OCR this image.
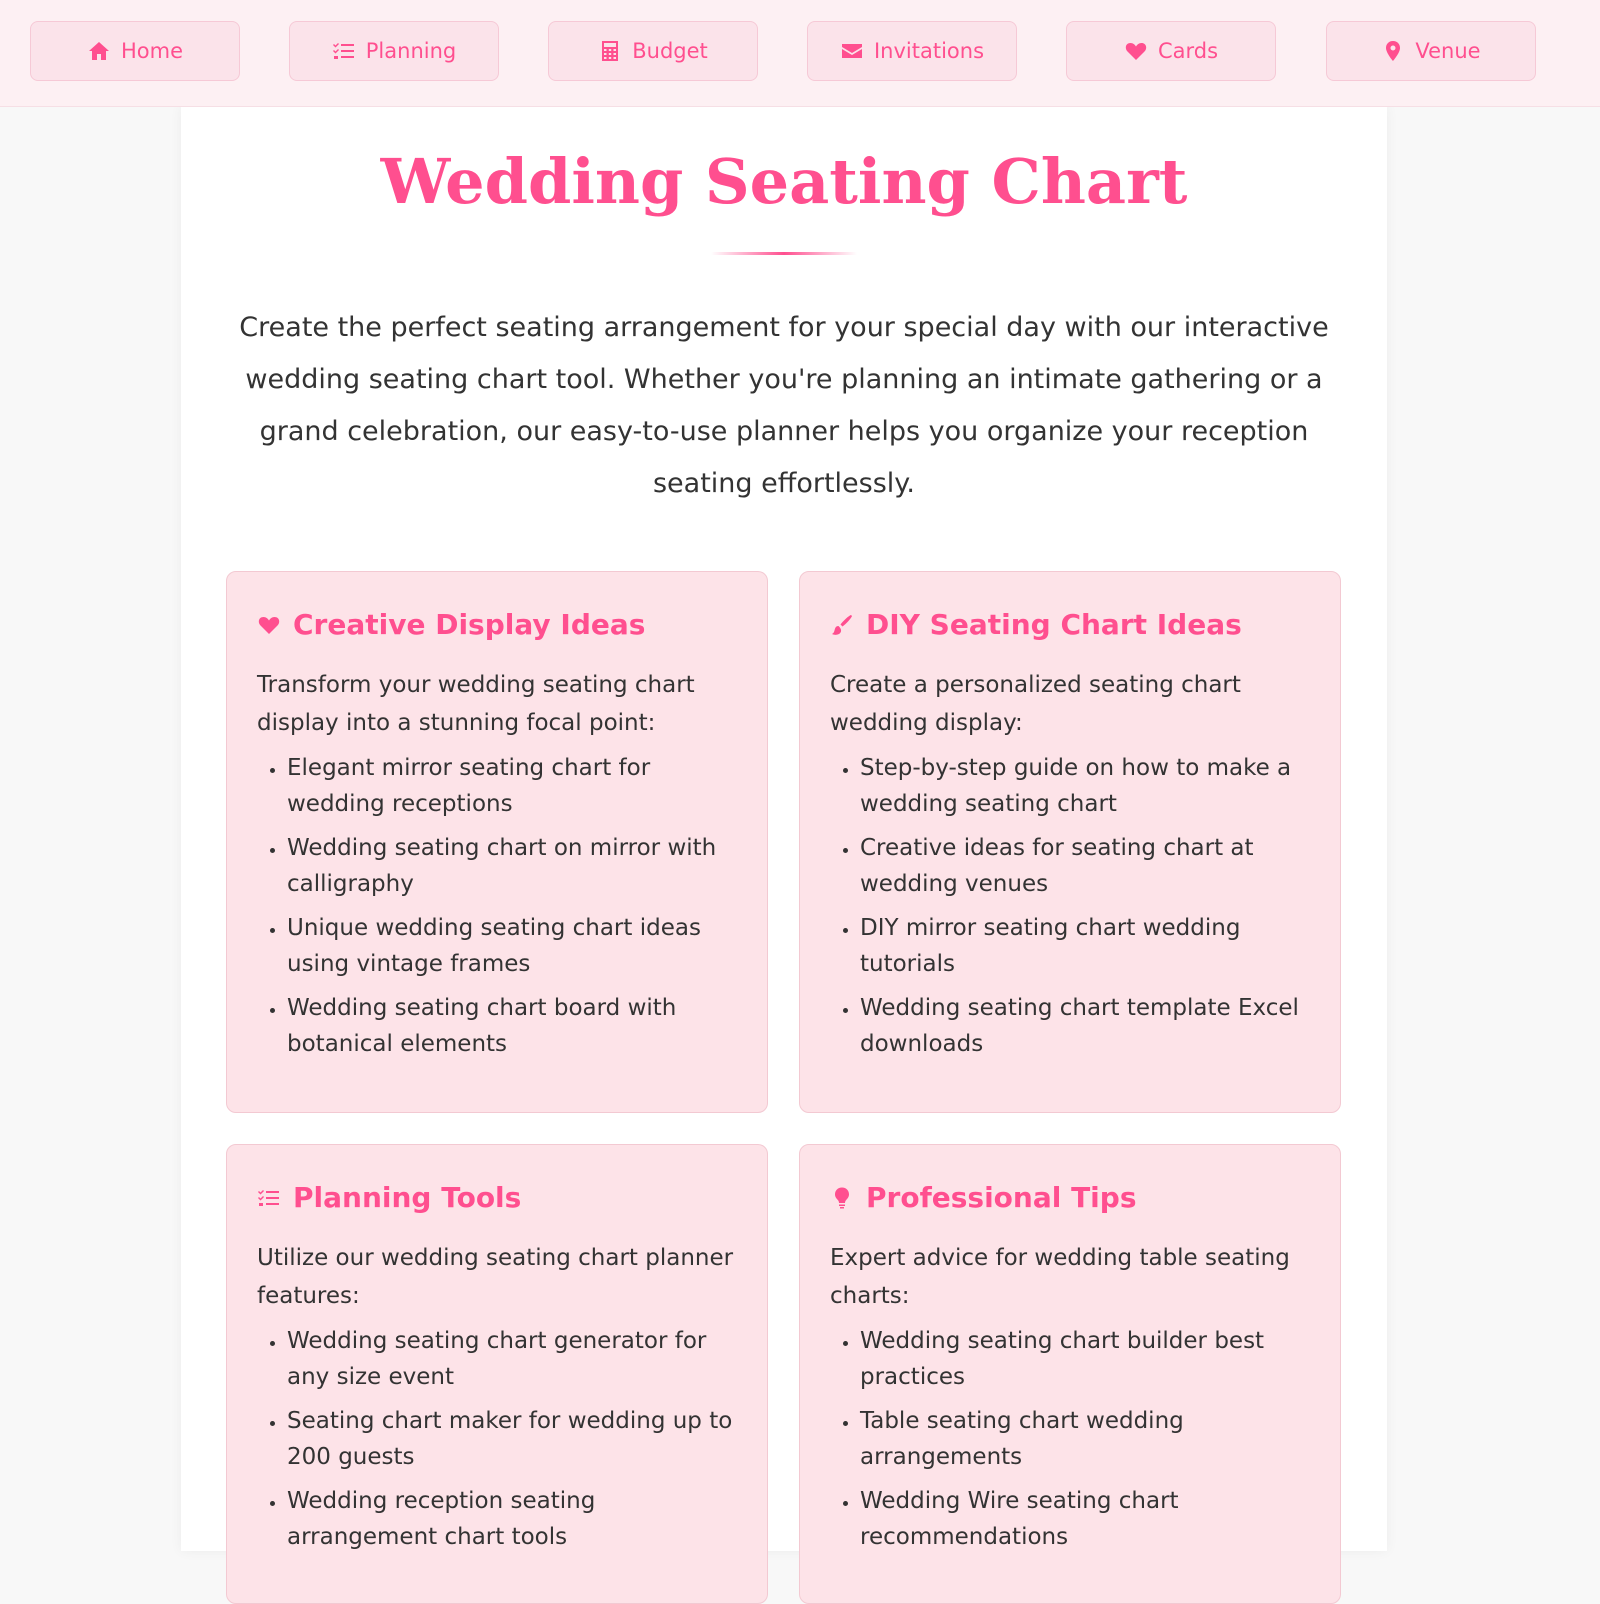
Home	Planning	Budget	Invitations	Cards	Venue
Wedding Seating Chart

Create the perfect seating arrangement for your special day with our interactive wedding seating chart tool. Whether you're planning an intimate gathering or a grand celebration, our easy-to-use planner helps you organize your reception seating effortlessly.

Creative Display Ideas

Transform your wedding seating chart display into a stunning focal point:

• Elegant mirror seating chart for wedding receptions
• Wedding seating chart on mirror with calligraphy
• Unique wedding seating chart ideas using vintage frames
• Wedding seating chart board with botanical elements
DIY Seating Chart Ideas

Create a personalized seating chart wedding display:

• Step-by-step guide on how to make a wedding seating chart
• Creative ideas for seating chart at wedding venues
• DIY mirror seating chart wedding tutorials
• Wedding seating chart template Excel downloads
Planning Tools

Utilize our wedding seating chart planner features:

• Wedding seating chart generator for any size event
• Seating chart maker for wedding up to 200 guests
• Wedding reception seating arrangement chart tools
Professional Tips

Expert advice for wedding table seating charts:

• Wedding seating chart builder best practices
• Table seating chart wedding arrangements
• Wedding Wire seating chart recommendations
